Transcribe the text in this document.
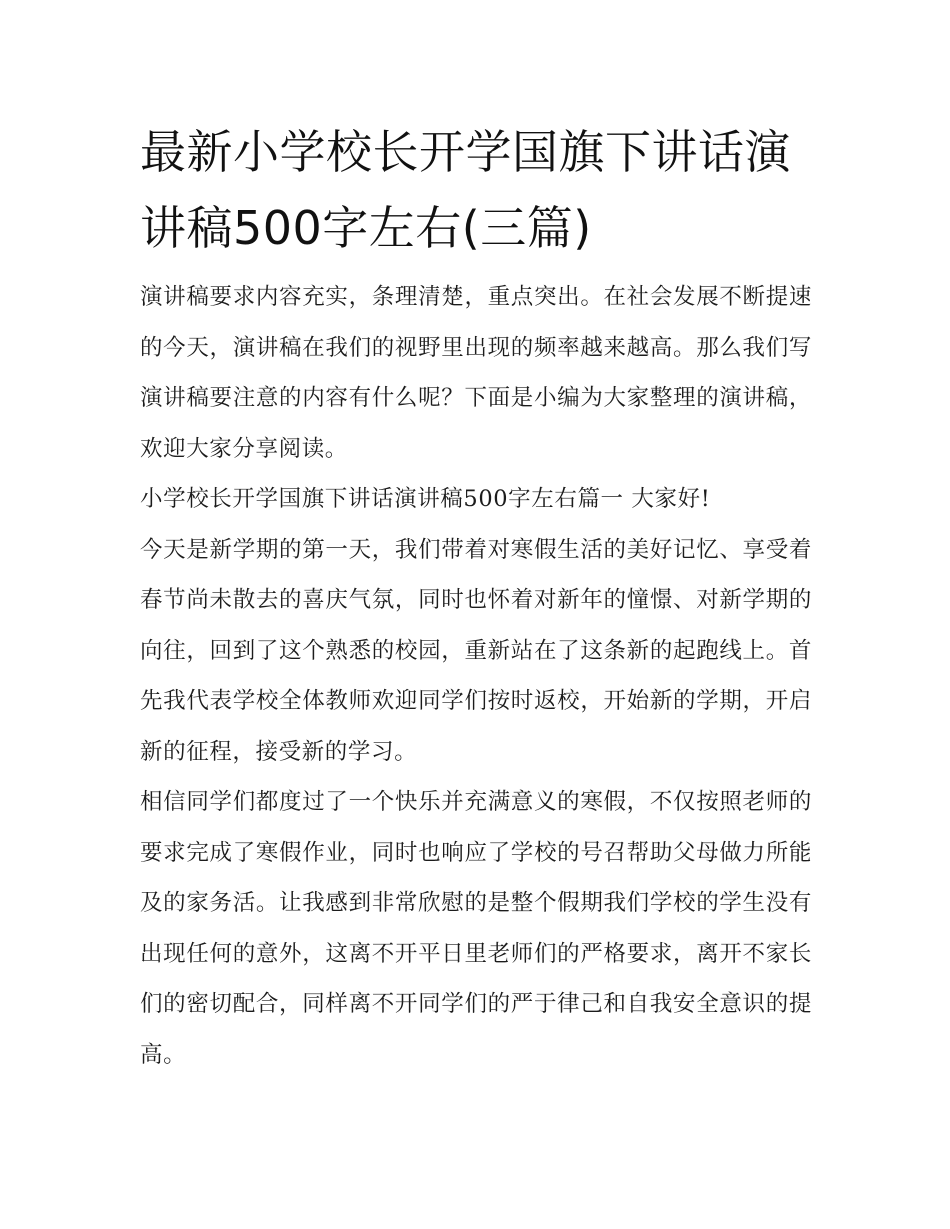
最新小学校长开学国旗下讲话演讲稿500字左右(三篇)

演讲稿要求内容充实，条理清楚，重点突出。在社会发展不断提速的今天，演讲稿在我们的视野里出现的频率越来越高。那么我们写演讲稿要注意的内容有什么呢？下面是小编为大家整理的演讲稿，欢迎大家分享阅读。

小学校长开学国旗下讲话演讲稿500字左右篇一 大家好!

今天是新学期的第一天，我们带着对寒假生活的美好记忆、享受着春节尚未散去的喜庆气氛，同时也怀着对新年的憧憬、对新学期的向往，回到了这个熟悉的校园，重新站在了这条新的起跑线上。首先我代表学校全体教师欢迎同学们按时返校，开始新的学期，开启新的征程，接受新的学习。

相信同学们都度过了一个快乐并充满意义的寒假，不仅按照老师的要求完成了寒假作业，同时也响应了学校的号召帮助父母做力所能及的家务活。让我感到非常欣慰的是整个假期我们学校的学生没有出现任何的意外，这离不开平日里老师们的严格要求，离开不家长们的密切配合，同样离不开同学们的严于律己和自我安全意识的提高。
